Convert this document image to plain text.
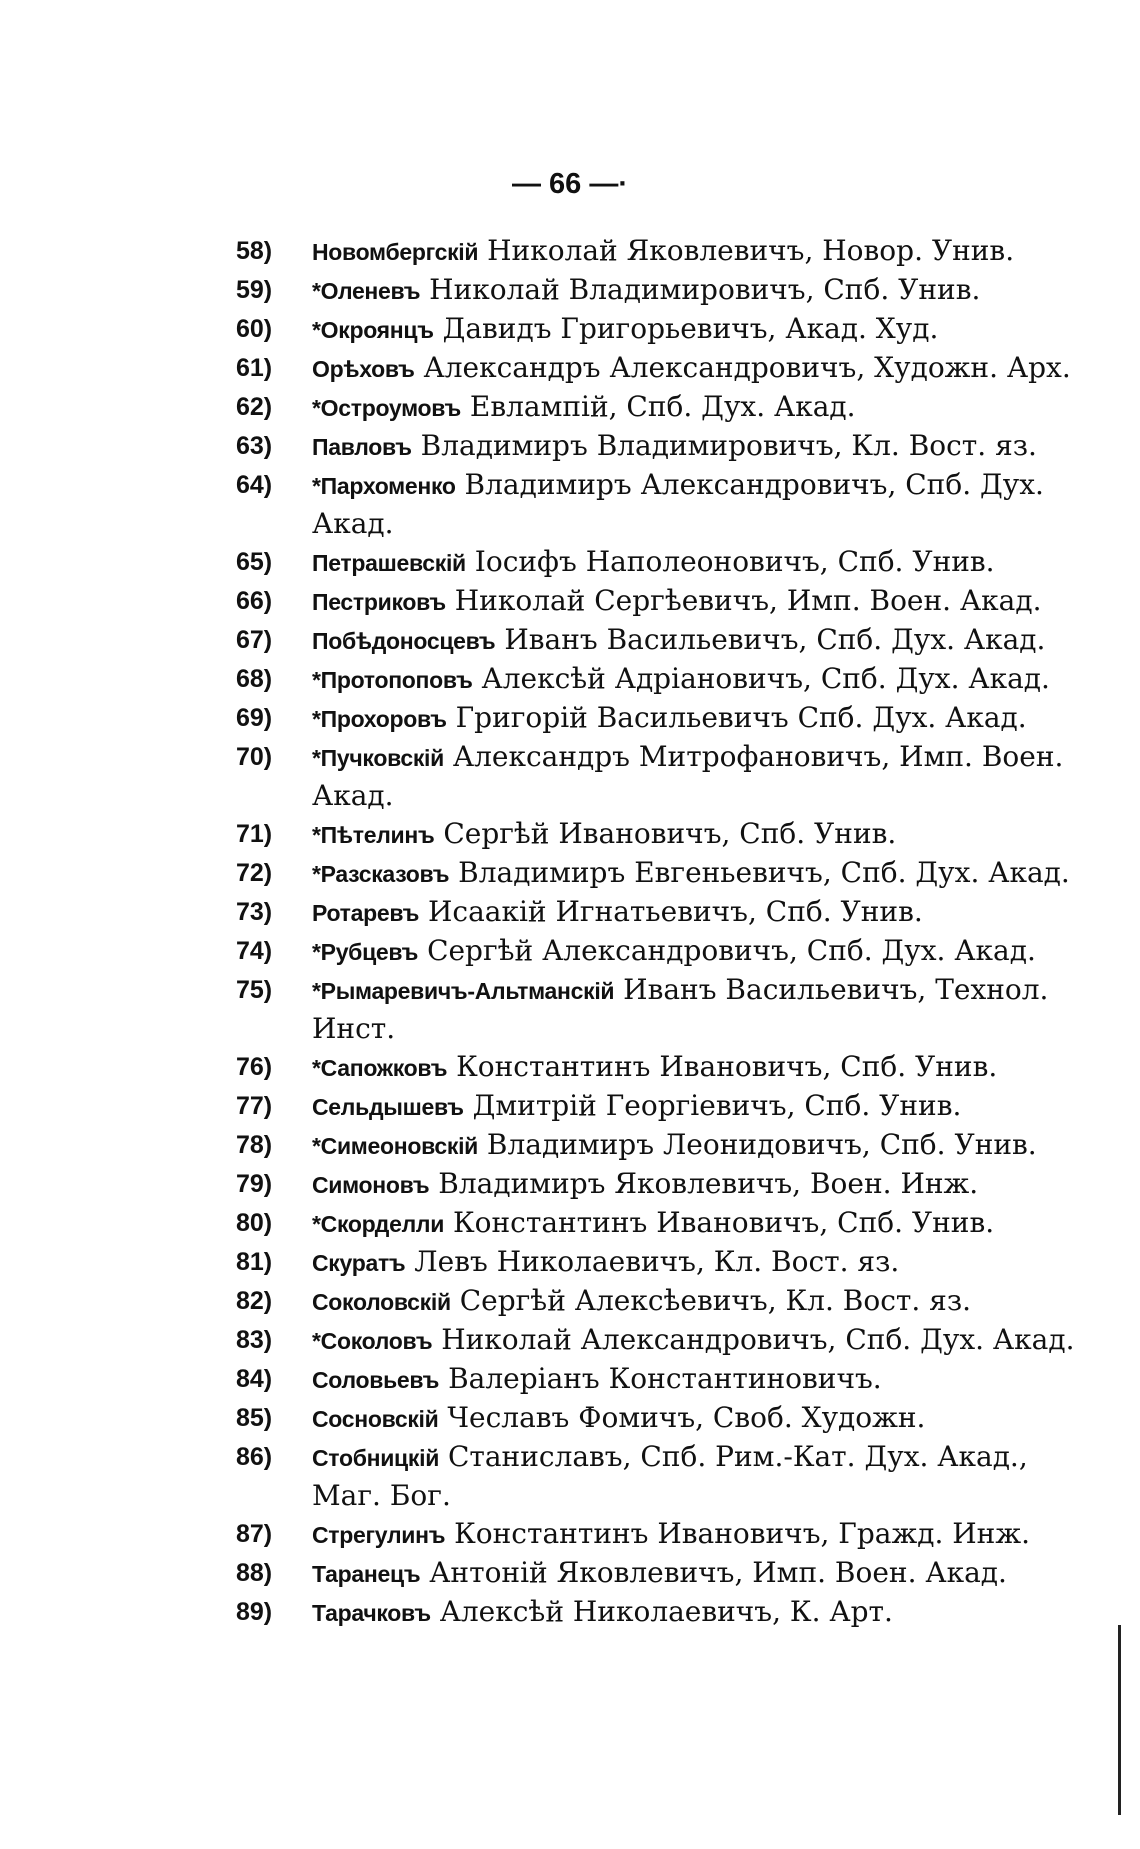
— 66 —·
58) Новомбергскій Николай Яковлевичъ, Новор. Унив.
59) *Оленевъ Николай Владимировичъ, Спб. Унив.
60) *Окроянцъ Давидъ Григорьевичъ, Акад. Худ.
61) Орѣховъ Александръ Александровичъ, Художн. Арх.
62) *Остроумовъ Евлампій, Спб. Дух. Акад.
63) Павловъ Владимиръ Владимировичъ, Кл. Вост. яз.
64) *Пархоменко Владимиръ Александровичъ, Спб. Дух.
Акад.
65) Петрашевскій Іосифъ Наполеоновичъ, Спб. Унив.
66) Пестриковъ Николай Сергѣевичъ, Имп. Воен. Акад.
67) Побѣдоносцевъ Иванъ Васильевичъ, Спб. Дух. Акад.
68) *Протопоповъ Алексѣй Адріановичъ, Спб. Дух. Акад.
69) *Прохоровъ Григорій Васильевичъ Спб. Дух. Акад.
70) *Пучковскій Александръ Митрофановичъ, Имп. Воен.
Акад.
71) *Пѣтелинъ Сергѣй Ивановичъ, Спб. Унив.
72) *Разсказовъ Владимиръ Евгеньевичъ, Спб. Дух. Акад.
73) Ротаревъ Исаакій Игнатьевичъ, Спб. Унив.
74) *Рубцевъ Сергѣй Александровичъ, Спб. Дух. Акад.
75) *Рымаревичъ-Альтманскій Иванъ Васильевичъ, Технол.
Инст.
76) *Сапожковъ Константинъ Ивановичъ, Спб. Унив.
77) Сельдышевъ Дмитрій Георгіевичъ, Спб. Унив.
78) *Симеоновскій Владимиръ Леонидовичъ, Спб. Унив.
79) Симоновъ Владимиръ Яковлевичъ, Воен. Инж.
80) *Скорделли Константинъ Ивановичъ, Спб. Унив.
81) Скуратъ Левъ Николаевичъ, Кл. Вост. яз.
82) Соколовскій Сергѣй Алексѣевичъ, Кл. Вост. яз.
83) *Соколовъ Николай Александровичъ, Спб. Дух. Акад.
84) Соловьевъ Валеріанъ Константиновичъ.
85) Сосновскій Чеславъ Фомичъ, Своб. Художн.
86) Стобницкій Станиславъ, Спб. Рим.-Кат. Дух. Акад.,
Маг. Бог.
87) Стрегулинъ Константинъ Ивановичъ, Гражд. Инж.
88) Таранецъ Антоній Яковлевичъ, Имп. Воен. Акад.
89) Тарачковъ Алексѣй Николаевичъ, К. Арт.
